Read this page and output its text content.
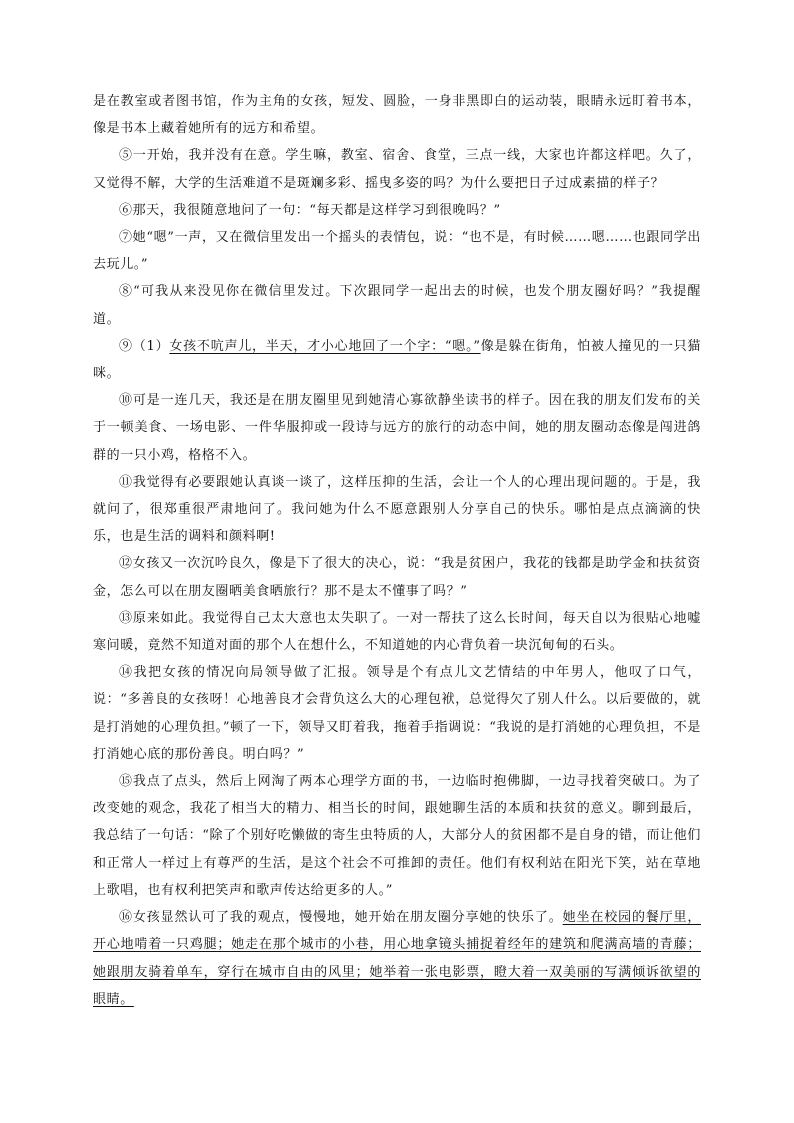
是在教室或者图书馆，作为主角的女孩，短发、圆脸，一身非黑即白的运动装，眼睛永远盯着书本，像是书本上藏着她所有的远方和希望。

⑤一开始，我并没有在意。学生嘛，教室、宿舍、食堂，三点一线，大家也许都这样吧。久了，又觉得不解，大学的生活难道不是斑斓多彩、摇曳多姿的吗？为什么要把日子过成素描的样子？

⑥那天，我很随意地问了一句：“每天都是这样学习到很晚吗？”

⑦她“嗯”一声，又在微信里发出一个摇头的表情包，说：“也不是，有时候……嗯……也跟同学出去玩儿。”

⑧“可我从来没见你在微信里发过。下次跟同学一起出去的时候，也发个朋友圈好吗？”我提醒道。

⑨（1）女孩不吭声儿，半天，才小心地回了一个字：“嗯。”像是躲在街角，怕被人撞见的一只猫咪。

⑩可是一连几天，我还是在朋友圈里见到她清心寡欲静坐读书的样子。因在我的朋友们发布的关于一顿美食、一场电影、一件华服抑或一段诗与远方的旅行的动态中间，她的朋友圈动态像是闯进鸽群的一只小鸡，格格不入。

⑪我觉得有必要跟她认真谈一谈了，这样压抑的生活，会让一个人的心理出现问题的。于是，我就问了，很郑重很严肃地问了。我问她为什么不愿意跟别人分享自己的快乐。哪怕是点点滴滴的快乐，也是生活的调料和颜料啊!

⑫女孩又一次沉吟良久，像是下了很大的决心，说：“我是贫困户，我花的钱都是助学金和扶贫资金，怎么可以在朋友圈晒美食晒旅行？那不是太不懂事了吗？”

⑬原来如此。我觉得自己太大意也太失职了。一对一帮扶了这么长时间，每天自以为很贴心地嘘寒问暖，竟然不知道对面的那个人在想什么，不知道她的内心背负着一块沉甸甸的石头。

⑭我把女孩的情况向局领导做了汇报。领导是个有点儿文艺情结的中年男人，他叹了口气，说：“多善良的女孩呀！心地善良才会背负这么大的心理包袱，总觉得欠了别人什么。以后要做的，就是打消她的心理负担。”顿了一下，领导又盯着我，拖着手指调说：“我说的是打消她的心理负担，不是打消她心底的那份善良。明白吗？”

⑮我点了点头，然后上网淘了两本心理学方面的书，一边临时抱佛脚，一边寻找着突破口。为了改变她的观念，我花了相当大的精力、相当长的时间，跟她聊生活的本质和扶贫的意义。聊到最后，我总结了一句话：“除了个别好吃懒做的寄生虫特质的人，大部分人的贫困都不是自身的错，而让他们和正常人一样过上有尊严的生活，是这个社会不可推卸的责任。他们有权利站在阳光下笑，站在草地上歌唱，也有权利把笑声和歌声传达给更多的人。”

⑯女孩显然认可了我的观点，慢慢地，她开始在朋友圈分享她的快乐了。她坐在校园的餐厅里，开心地啃着一只鸡腿；她走在那个城市的小巷，用心地拿镜头捕捉着经年的建筑和爬满高墙的青藤；她跟朋友骑着单车，穿行在城市自由的风里；她举着一张电影票，瞪大着一双美丽的写满倾诉欲望的眼睛。
